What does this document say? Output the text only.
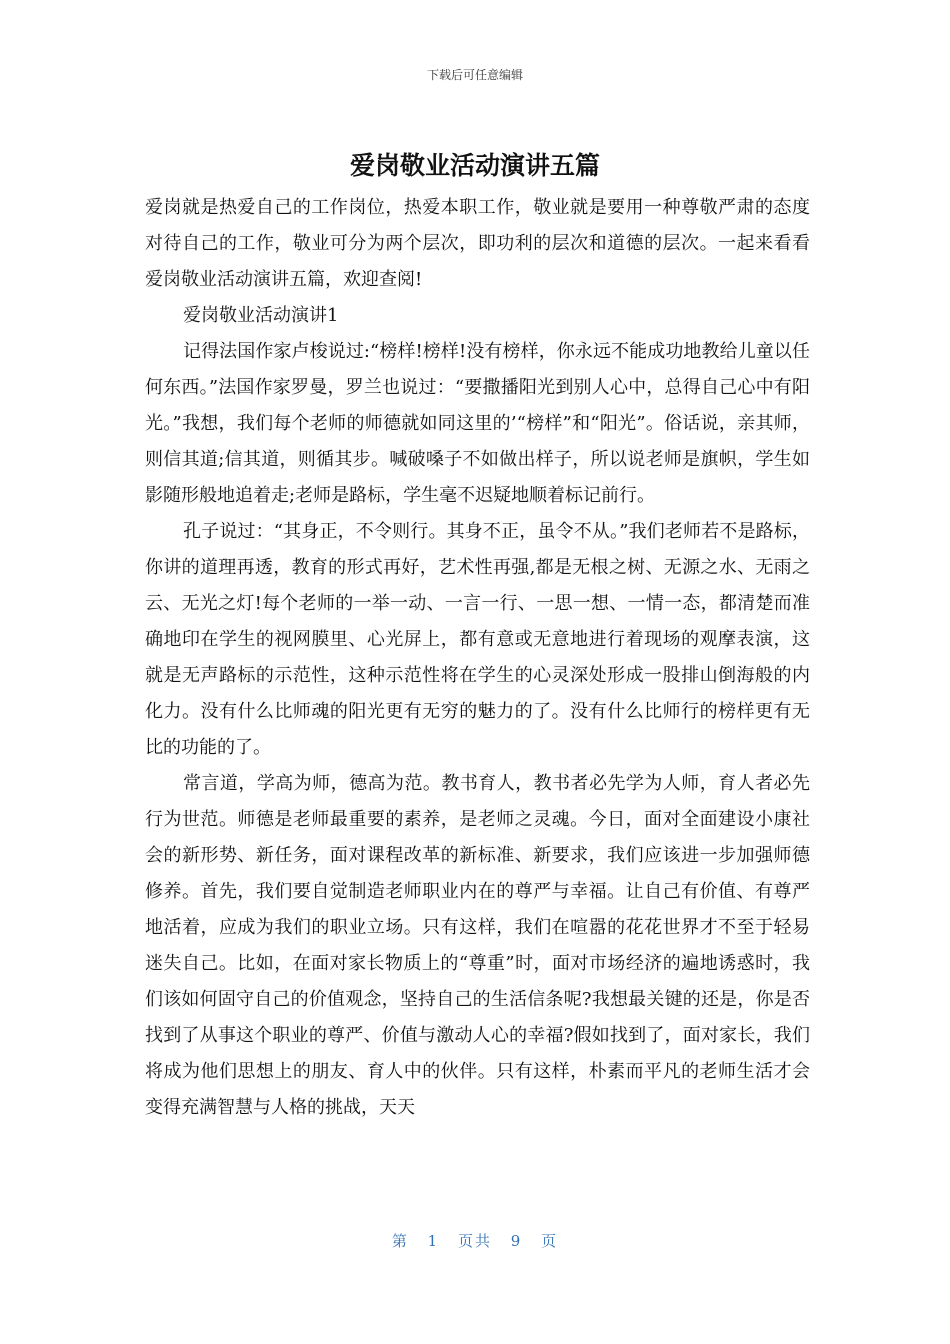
下载后可任意编辑
爱岗敬业活动演讲五篇

爱岗就是热爱自己的工作岗位，热爱本职工作，敬业就是要用一种尊敬严肃的态度对待自己的工作，敬业可分为两个层次，即功利的层次和道德的层次。一起来看看爱岗敬业活动演讲五篇，欢迎查阅!

爱岗敬业活动演讲1

记得法国作家卢梭说过:“榜样!榜样!没有榜样，你永远不能成功地教给儿童以任何东西。”法国作家罗曼，罗兰也说过：“要撒播阳光到别人心中，总得自己心中有阳光。”我想，我们每个老师的师德就如同这里的’“榜样”和“阳光”。俗话说，亲其师，则信其道;信其道，则循其步。喊破嗓子不如做出样子，所以说老师是旗帜，学生如影随形般地追着走;老师是路标，学生毫不迟疑地顺着标记前行。

孔子说过：“其身正，不令则行。其身不正，虽令不从。”我们老师若不是路标，你讲的道理再透，教育的形式再好，艺术性再强,都是无根之树、无源之水、无雨之云、无光之灯!每个老师的一举一动、一言一行、一思一想、一情一态，都清楚而准确地印在学生的视网膜里、心光屏上，都有意或无意地进行着现场的观摩表演，这就是无声路标的示范性，这种示范性将在学生的心灵深处形成一股排山倒海般的内化力。没有什么比师魂的阳光更有无穷的魅力的了。没有什么比师行的榜样更有无比的功能的了。

常言道，学高为师，德高为范。教书育人，教书者必先学为人师，育人者必先行为世范。师德是老师最重要的素养，是老师之灵魂。今日，面对全面建设小康社会的新形势、新任务，面对课程改革的新标准、新要求，我们应该进一步加强师德修养。首先，我们要自觉制造老师职业内在的尊严与幸福。让自己有价值、有尊严地活着，应成为我们的职业立场。只有这样，我们在喧嚣的花花世界才不至于轻易迷失自己。比如，在面对家长物质上的“尊重”时，面对市场经济的遍地诱惑时，我们该如何固守自己的价值观念，坚持自己的生活信条呢?我想最关键的还是，你是否找到了从事这个职业的尊严、价值与激动人心的幸福?假如找到了，面对家长，我们将成为他们思想上的朋友、育人中的伙伴。只有这样，朴素而平凡的老师生活才会变得充满智慧与人格的挑战，天天

第 1 页共 9 页
